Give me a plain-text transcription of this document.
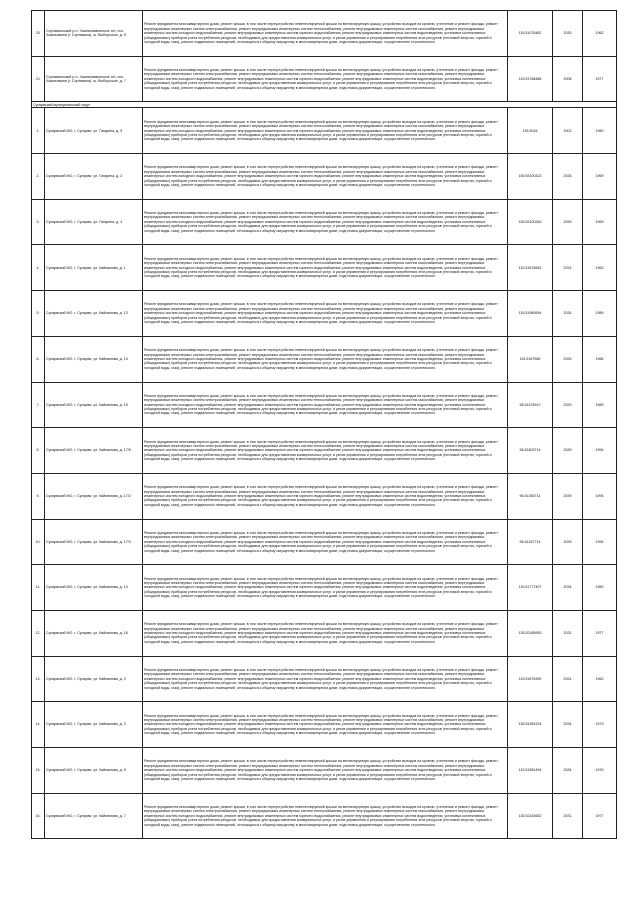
20	Сортавальский р-н, Хаапалампинское с/п, пос. Хаапалампи (г. Сортавала), ш. Выборгское, д. 5	Ремонт фундамента многоквартирного дома, ремонт крыши, в том числе переустройство невентилируемой крыши на вентилируемую крышу, устройство выходов на кровлю, утепление и ремонт фасада, ремонт внутридомовых инженерных систем электроснабжения, ремонт внутридомовых инженерных систем теплоснабжения, ремонт внутридомовых инженерных систем газоснабжения, ремонт внутридомовых инженерных систем холодного водоснабжения, ремонт внутридомовых инженерных систем горячего водоснабжения, ремонт внутридомовых инженерных систем водоотведения, установка коллективных (общедомовых) приборов учета потребления ресурсов, необходимых для предоставления коммунальных услуг, и узлов управления и регулирования потребления этих ресурсов (тепловой энергии, горячей и холодной воды, газа), ремонт подвальных помещений, относящихся к общему имуществу в многоквартирном доме, подготовка документации, осуществление строительного	115.51078482	2030	1962
21	Сортавальский р-н, Хаапалампинское с/п, пос. Хаапалампи (г. Сортавала), ш. Выборгское, д. 7	Ремонт фундамента многоквартирного дома, ремонт крыши, в том числе переустройство невентилируемой крыши на вентилируемую крышу, устройство выходов на кровлю, утепление и ремонт фасада, ремонт внутридомовых инженерных систем электроснабжения, ремонт внутридомовых инженерных систем теплоснабжения, ремонт внутридомовых инженерных систем газоснабжения, ремонт внутридомовых инженерных систем холодного водоснабжения, ремонт внутридомовых инженерных систем горячего водоснабжения, ремонт внутридомовых инженерных систем водоотведения, установка коллективных (общедомовых) приборов учета потребления ресурсов, необходимых для предоставления коммунальных услуг, и узлов управления и регулирования потребления этих ресурсов (тепловой энергии, горячей и холодной воды, газа), ремонт подвальных помещений, относящихся к общему имуществу в многоквартирном доме, подготовка документации, осуществление строительного	115.51768488	2008	1977
Суоярвский муниципальный округ					
1.	Суоярвский МО, г. Суоярви, ул. Гагарина, д. 5	Ремонт фундамента многоквартирного дома, ремонт крыши, в том числе переустройство невентилируемой крыши на вентилируемую крышу, устройство выходов на кровлю, утепление и ремонт фасада, ремонт внутридомовых инженерных систем электроснабжения, ремонт внутридомовых инженерных систем теплоснабжения, ремонт внутридомовых инженерных систем газоснабжения, ремонт внутридомовых инженерных систем холодного водоснабжения, ремонт внутридомовых инженерных систем горячего водоснабжения, ремонт внутридомовых инженерных систем водоотведения, установка коллективных (общедомовых) приборов учета потребления ресурсов, необходимых для предоставления коммунальных услуг, и узлов управления и регулирования потребления этих ресурсов (тепловой энергии, горячей и холодной воды, газа), ремонт подвальных помещений, относящихся к общему имуществу в многоквартирном доме, подготовка документации, осуществление строительного	135.5016	2002	1960
2.	Суоярвский МО, г. Суоярви, ул. Гагарина, д. 2	Ремонт фундамента многоквартирного дома, ремонт крыши, в том числе переустройство невентилируемой крыши на вентилируемую крышу, устройство выходов на кровлю, утепление и ремонт фасада, ремонт внутридомовых инженерных систем электроснабжения, ремонт внутридомовых инженерных систем теплоснабжения, ремонт внутридомовых инженерных систем газоснабжения, ремонт внутридомовых инженерных систем холодного водоснабжения, ремонт внутридомовых инженерных систем горячего водоснабжения, ремонт внутридомовых инженерных систем водоотведения, установка коллективных (общедомовых) приборов учета потребления ресурсов, необходимых для предоставления коммунальных услуг, и узлов управления и регулирования потребления этих ресурсов (тепловой энергии, горячей и холодной воды, газа), ремонт подвальных помещений, относящихся к общему имуществу в многоквартирном доме, подготовка документации, осуществление строительного	155.53100323	2026	1969
3.	Суоярвский МО, г. Суоярви, ул. Гагарина, д. 4	Ремонт фундамента многоквартирного дома, ремонт крыши, в том числе переустройство невентилируемой крыши на вентилируемую крышу, устройство выходов на кровлю, утепление и ремонт фасада, ремонт внутридомовых инженерных систем электроснабжения, ремонт внутридомовых инженерных систем теплоснабжения, ремонт внутридомовых инженерных систем газоснабжения, ремонт внутридомовых инженерных систем холодного водоснабжения, ремонт внутридомовых инженерных систем горячего водоснабжения, ремонт внутридомовых инженерных систем водоотведения, установка коллективных (общедомовых) приборов учета потребления ресурсов, необходимых для предоставления коммунальных услуг, и узлов управления и регулирования потребления этих ресурсов (тепловой энергии, горячей и холодной воды, газа), ремонт подвальных помещений, относящихся к общему имуществу в многоквартирном доме, подготовка документации, осуществление строительного	155.53100345	2026	1969
4.	Суоярвский МО, г. Суоярви, ул. Кайманова, д. 1	Ремонт фундамента многоквартирного дома, ремонт крыши, в том числе переустройство невентилируемой крыши на вентилируемую крышу, устройство выходов на кровлю, утепление и ремонт фасада, ремонт внутридомовых инженерных систем электроснабжения, ремонт внутридомовых инженерных систем теплоснабжения, ремонт внутридомовых инженерных систем газоснабжения, ремонт внутридомовых инженерных систем холодного водоснабжения, ремонт внутридомовых инженерных систем горячего водоснабжения, ремонт внутридомовых инженерных систем водоотведения, установка коллективных (общедомовых) приборов учета потребления ресурсов, необходимых для предоставления коммунальных услуг, и узлов управления и регулирования потребления этих ресурсов (тепловой энергии, горячей и холодной воды, газа), ремонт подвальных помещений, относящихся к общему имуществу в многоквартирном доме, подготовка документации, осуществление строительного	115.51676653	2024	1962
5.	Суоярвский МО, г. Суоярви, ул. Кайманова, д. 13	Ремонт фундамента многоквартирного дома, ремонт крыши, в том числе переустройство невентилируемой крыши на вентилируемую крышу, устройство выходов на кровлю, утепление и ремонт фасада, ремонт внутридомовых инженерных систем электроснабжения, ремонт внутридомовых инженерных систем теплоснабжения, ремонт внутридомовых инженерных систем газоснабжения, ремонт внутридомовых инженерных систем холодного водоснабжения, ремонт внутридомовых инженерных систем горячего водоснабжения, ремонт внутридомовых инженерных систем водоотведения, установка коллективных (общедомовых) приборов учета потребления ресурсов, необходимых для предоставления коммунальных услуг, и узлов управления и регулирования потребления этих ресурсов (тепловой энергии, горячей и холодной воды, газа), ремонт подвальных помещений, относящихся к общему имуществу в многоквартирном доме, подготовка документации, осуществление строительного	115.51980694	2034	1989
6.	Суоярвский МО, г. Суоярви, ул. Кайманова, д. 13	Ремонт фундамента многоквартирного дома, ремонт крыши, в том числе переустройство невентилируемой крыши на вентилируемую крышу, устройство выходов на кровлю, утепление и ремонт фасада, ремонт внутридомовых инженерных систем электроснабжения, ремонт внутридомовых инженерных систем теплоснабжения, ремонт внутридомовых инженерных систем газоснабжения, ремонт внутридомовых инженерных систем холодного водоснабжения, ремонт внутридомовых инженерных систем горячего водоснабжения, ремонт внутридомовых инженерных систем водоотведения, установка коллективных (общедомовых) приборов учета потребления ресурсов, необходимых для предоставления коммунальных услуг, и узлов управления и регулирования потребления этих ресурсов (тепловой энергии, горячей и холодной воды, газа), ремонт подвальных помещений, относящихся к общему имуществу в многоквартирном доме, подготовка документации, осуществление строительного	115.5167566	2026	1966
7.	Суоярвский МО, г. Суоярви, ул. Кайманова, д. 15	Ремонт фундамента многоквартирного дома, ремонт крыши, в том числе переустройство невентилируемой крыши на вентилируемую крышу, устройство выходов на кровлю, утепление и ремонт фасада, ремонт внутридомовых инженерных систем электроснабжения, ремонт внутридомовых инженерных систем теплоснабжения, ремонт внутридомовых инженерных систем газоснабжения, ремонт внутридомовых инженерных систем холодного водоснабжения, ремонт внутридомовых инженерных систем горячего водоснабжения, ремонт внутридомовых инженерных систем водоотведения, установка коллективных (общедомовых) приборов учета потребления ресурсов, необходимых для предоставления коммунальных услуг, и узлов управления и регулирования потребления этих ресурсов (тепловой энергии, горячей и холодной воды, газа), ремонт подвальных помещений, относящихся к общему имуществу в многоквартирном доме, подготовка документации, осуществление строительного	96.51476912	2029	1989
8.	Суоярвский МО, г. Суоярви, ул. Кайманова, д. 17/5	Ремонт фундамента многоквартирного дома, ремонт крыши, в том числе переустройство невентилируемой крыши на вентилируемую крышу, устройство выходов на кровлю, утепление и ремонт фасада, ремонт внутридомовых инженерных систем электроснабжения, ремонт внутридомовых инженерных систем теплоснабжения, ремонт внутридомовых инженерных систем газоснабжения, ремонт внутридомовых инженерных систем холодного водоснабжения, ремонт внутридомовых инженерных систем горячего водоснабжения, ремонт внутридомовых инженерных систем водоотведения, установка коллективных (общедомовых) приборов учета потребления ресурсов, необходимых для предоставления коммунальных услуг, и узлов управления и регулирования потребления этих ресурсов (тепловой энергии, горячей и холодной воды, газа), ремонт подвальных помещений, относящихся к общему имуществу в многоквартирном доме, подготовка документации, осуществление строительного	96.51603714	2039	1994
9.	Суоярвский МО, г. Суоярви, ул. Кайманова, д. 17/2	Ремонт фундамента многоквартирного дома, ремонт крыши, в том числе переустройство невентилируемой крыши на вентилируемую крышу, устройство выходов на кровлю, утепление и ремонт фасада, ремонт внутридомовых инженерных систем электроснабжения, ремонт внутридомовых инженерных систем теплоснабжения, ремонт внутридомовых инженерных систем газоснабжения, ремонт внутридомовых инженерных систем холодного водоснабжения, ремонт внутридомовых инженерных систем горячего водоснабжения, ремонт внутридомовых инженерных систем водоотведения, установка коллективных (общедомовых) приборов учета потребления ресурсов, необходимых для предоставления коммунальных услуг, и узлов управления и регулирования потребления этих ресурсов (тепловой энергии, горячей и холодной воды, газа), ремонт подвальных помещений, относящихся к общему имуществу в многоквартирном доме, подготовка документации, осуществление строительного	96.51265714	2039	1994
10.	Суоярвский МО, г. Суоярви, ул. Кайманова, д. 17/3	Ремонт фундамента многоквартирного дома, ремонт крыши, в том числе переустройство невентилируемой крыши на вентилируемую крышу, устройство выходов на кровлю, утепление и ремонт фасада, ремонт внутридомовых инженерных систем электроснабжения, ремонт внутридомовых инженерных систем теплоснабжения, ремонт внутридомовых инженерных систем газоснабжения, ремонт внутридомовых инженерных систем холодного водоснабжения, ремонт внутридомовых инженерных систем горячего водоснабжения, ремонт внутридомовых инженерных систем водоотведения, установка коллективных (общедомовых) приборов учета потребления ресурсов, необходимых для предоставления коммунальных услуг, и узлов управления и регулирования потребления этих ресурсов (тепловой энергии, горячей и холодной воды, газа), ремонт подвальных помещений, относящихся к общему имуществу в многоквартирном доме, подготовка документации, осуществление строительного	96.51267714	2039	1994
11.	Суоярвский МО, г. Суоярви, ул. Кайманова, д. 14	Ремонт фундамента многоквартирного дома, ремонт крыши, в том числе переустройство невентилируемой крыши на вентилируемую крышу, устройство выходов на кровлю, утепление и ремонт фасада, ремонт внутридомовых инженерных систем электроснабжения, ремонт внутридомовых инженерных систем теплоснабжения, ремонт внутридомовых инженерных систем газоснабжения, ремонт внутридомовых инженерных систем холодного водоснабжения, ремонт внутридомовых инженерных систем горячего водоснабжения, ремонт внутридомовых инженерных систем водоотведения, установка коллективных (общедомовых) приборов учета потребления ресурсов, необходимых для предоставления коммунальных услуг, и узлов управления и регулирования потребления этих ресурсов (тепловой энергии, горячей и холодной воды, газа), ремонт подвальных помещений, относящихся к общему имуществу в многоквартирном доме, подготовка документации, осуществление строительного	115.51777407	2034	1983
12.	Суоярвский МО, г. Суоярви, ул. Кайманова, д. 16	Ремонт фундамента многоквартирного дома, ремонт крыши, в том числе переустройство невентилируемой крыши на вентилируемую крышу, устройство выходов на кровлю, утепление и ремонт фасада, ремонт внутридомовых инженерных систем электроснабжения, ремонт внутридомовых инженерных систем теплоснабжения, ремонт внутридомовых инженерных систем газоснабжения, ремонт внутридомовых инженерных систем холодного водоснабжения, ремонт внутридомовых инженерных систем горячего водоснабжения, ремонт внутридомовых инженерных систем водоотведения, установка коллективных (общедомовых) приборов учета потребления ресурсов, необходимых для предоставления коммунальных услуг, и узлов управления и регулирования потребления этих ресурсов (тепловой энергии, горячей и холодной воды, газа), ремонт подвальных помещений, относящихся к общему имуществу в многоквартирном доме, подготовка документации, осуществление строительного	135.52185953	2031	1977
13.	Суоярвский МО, г. Суоярви, ул. Кайманова, д. 2	Ремонт фундамента многоквартирного дома, ремонт крыши, в том числе переустройство невентилируемой крыши на вентилируемую крышу, устройство выходов на кровлю, утепление и ремонт фасада, ремонт внутридомовых инженерных систем электроснабжения, ремонт внутридомовых инженерных систем теплоснабжения, ремонт внутридомовых инженерных систем газоснабжения, ремонт внутридомовых инженерных систем холодного водоснабжения, ремонт внутридомовых инженерных систем горячего водоснабжения, ремонт внутридомовых инженерных систем водоотведения, установка коллективных (общедомовых) приборов учета потребления ресурсов, необходимых для предоставления коммунальных услуг, и узлов управления и регулирования потребления этих ресурсов (тепловой энергии, горячей и холодной воды, газа), ремонт подвальных помещений, относящихся к общему имуществу в многоквартирном доме, подготовка документации, осуществление строительного	115.51676399	2024	1962
14.	Суоярвский МО, г. Суоярви, ул. Кайманова, д. 3	Ремонт фундамента многоквартирного дома, ремонт крыши, в том числе переустройство невентилируемой крыши на вентилируемую крышу, устройство выходов на кровлю, утепление и ремонт фасада, ремонт внутридомовых инженерных систем электроснабжения, ремонт внутридомовых инженерных систем теплоснабжения, ремонт внутридомовых инженерных систем газоснабжения, ремонт внутридомовых инженерных систем холодного водоснабжения, ремонт внутридомовых инженерных систем горячего водоснабжения, ремонт внутридомовых инженерных систем водоотведения, установка коллективных (общедомовых) приборов учета потребления ресурсов, необходимых для предоставления коммунальных услуг, и узлов управления и регулирования потребления этих ресурсов (тепловой энергии, горячей и холодной воды, газа), ремонт подвальных помещений, относящихся к общему имуществу в многоквартирном доме, подготовка документации, осуществление строительного	135.51981524	2034	1979
15.	Суоярвский МО, г. Суоярви, ул. Кайманова, д. 5	Ремонт фундамента многоквартирного дома, ремонт крыши, в том числе переустройство невентилируемой крыши на вентилируемую крышу, устройство выходов на кровлю, утепление и ремонт фасада, ремонт внутридомовых инженерных систем электроснабжения, ремонт внутридомовых инженерных систем теплоснабжения, ремонт внутридомовых инженерных систем газоснабжения, ремонт внутридомовых инженерных систем холодного водоснабжения, ремонт внутридомовых инженерных систем горячего водоснабжения, ремонт внутридомовых инженерных систем водоотведения, установка коллективных (общедомовых) приборов учета потребления ресурсов, необходимых для предоставления коммунальных услуг, и узлов управления и регулирования потребления этих ресурсов (тепловой энергии, горячей и холодной воды, газа), ремонт подвальных помещений, относящихся к общему имуществу в многоквартирном доме, подготовка документации, осуществление строительного	115.51981494	2034	1976
16.	Суоярвский МО, г. Суоярви, ул. Кайманова, д. 7	Ремонт фундамента многоквартирного дома, ремонт крыши, в том числе переустройство невентилируемой крыши на вентилируемую крышу, устройство выходов на кровлю, утепление и ремонт фасада, ремонт внутридомовых инженерных систем электроснабжения, ремонт внутридомовых инженерных систем теплоснабжения, ремонт внутридомовых инженерных систем газоснабжения, ремонт внутридомовых инженерных систем холодного водоснабжения, ремонт внутридомовых инженерных систем горячего водоснабжения, ремонт внутридомовых инженерных систем водоотведения, установка коллективных (общедомовых) приборов учета потребления ресурсов, необходимых для предоставления коммунальных услуг, и узлов управления и регулирования потребления этих ресурсов (тепловой энергии, горячей и холодной воды, газа), ремонт подвальных помещений, относящихся к общему имуществу в многоквартирном доме, подготовка документации, осуществление строительного	135.52163652	2031	1977
